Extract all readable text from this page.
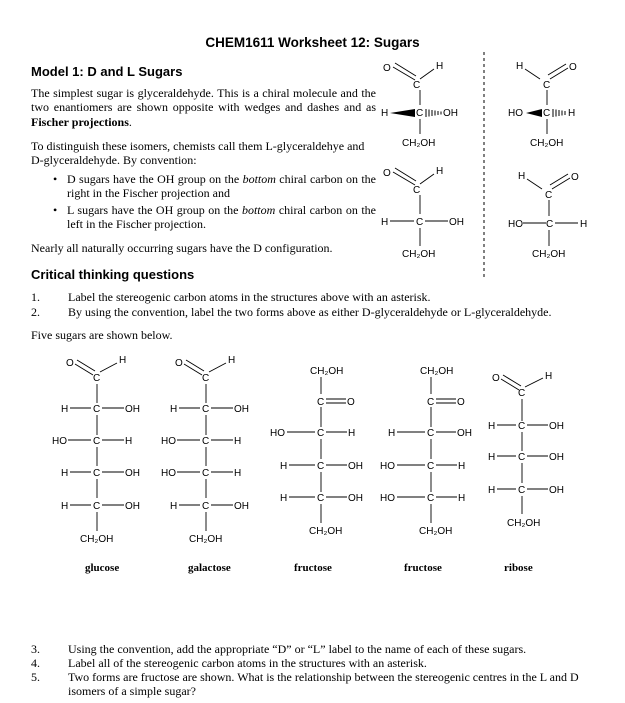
CHEM1611 Worksheet 12: Sugars
Model 1: D and L Sugars
The simplest sugar is glyceraldehyde. This is a chiral molecule and the two enantiomers are shown opposite with wedges and dashes and as Fischer projections.
To distinguish these isomers, chemists call them L-glyceraldehye and D-glyceraldehyde. By convention:
• D sugars have the OH group on the bottom chiral carbon on the right in the Fischer projection and
• L sugars have the OH group on the bottom chiral carbon on the left in the Fischer projection.
Nearly all naturally occurring sugars have the D configuration.
Critical thinking questions
1. Label the stereogenic carbon atoms in the structures above with an asterisk.
2. By using the convention, label the two forms above as either D-glyceraldehyde or L-glyceraldehyde.
Five sugars are shown below.
3. Using the convention, add the appropriate “D” or “L” label to the name of each of these sugars.
4. Label all of the stereogenic carbon atoms in the structures with an asterisk.
5. Two forms are fructose are shown. What is the relationship between the stereogenic centres in the L and D isomers of a simple sugar?
O
C
H
H	C OH
CH₂OH
H
C
O
HO C H
CH₂OH
O
C
H
H	C	OH
CH₂OH
H
C
O
HO C	H
CH₂OH
O
C
H
H C OH
HO	C H
H C OH
H C OH
CH₂OH
glucose
O
C
H
H C OH
HO	C H
HO	C H
H C OH
CH₂OH
galactose
CH₂OH
C O
HO	C H
H	C OH
H	C OH
CH₂OH
fructose
CH₂OH
C O
H	C OH
HO	C H
HO	C H
CH₂OH
fructose
O
C
H
H C OH
H C OH
H C OH
CH₂OH
ribose
